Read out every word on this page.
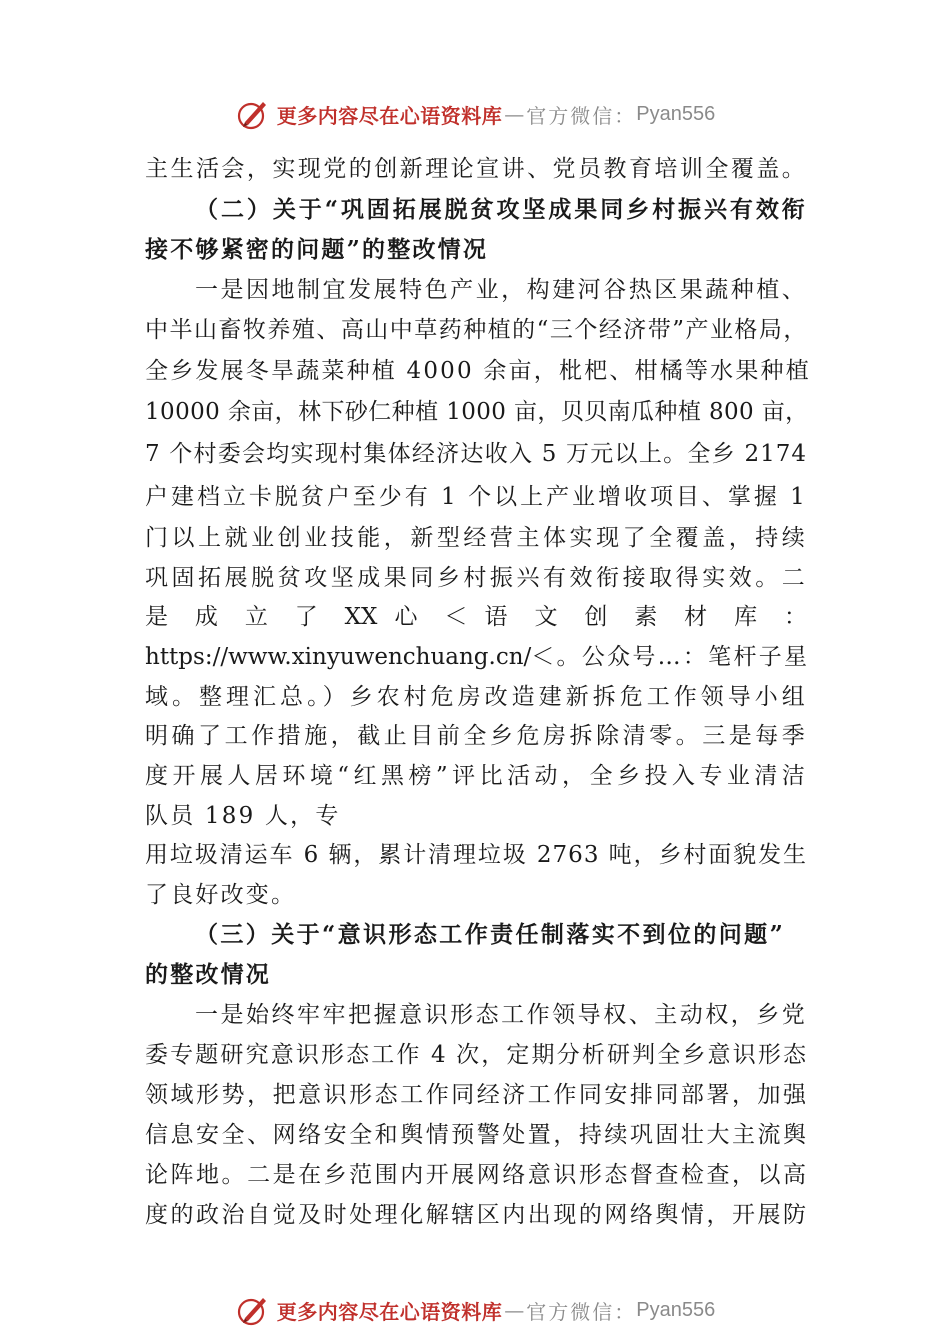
更多内容尽在心语资料库 — 官方微信： Pyan556
主生活会，实现党的创新理论宣讲、党员教育培训全覆盖。
（二）关于“巩固拓展脱贫攻坚成果同乡村振兴有效衔
接不够紧密的问题”的整改情况
一是因地制宜发展特色产业，构建河谷热区果蔬种植、
中半山畜牧养殖、高山中草药种植的“三个经济带”产业格局，
全乡发展冬旱蔬菜种植 4000 余亩，枇杷、柑橘等水果种植
10000 余亩，林下砂仁种植 1000 亩，贝贝南瓜种植 800 亩，
7 个村委会均实现村集体经济达收入 5 万元以上。全乡 2174
户建档立卡脱贫户至少有 1 个以上产业增收项目、掌握 1
门以上就业创业技能，新型经营主体实现了全覆盖，持续
巩固拓展脱贫攻坚成果同乡村振兴有效衔接取得实效。二
是 成 立 了 XX 心 ＜ 语 文 创 素 材 库 ：
https://www.xinyuwenchuang.cn/＜。公众号…：笔杆子星
域。整理汇总。）乡农村危房改造建新拆危工作领导小组
明确了工作措施，截止目前全乡危房拆除清零。三是每季
度开展人居环境“红黑榜”评比活动，全乡投入专业清洁
队员 189 人，专
用垃圾清运车 6 辆，累计清理垃圾 2763 吨，乡村面貌发生
了良好改变。
（三）关于“意识形态工作责任制落实不到位的问题”
的整改情况
一是始终牢牢把握意识形态工作领导权、主动权，乡党
委专题研究意识形态工作 4 次，定期分析研判全乡意识形态
领域形势，把意识形态工作同经济工作同安排同部署，加强
信息安全、网络安全和舆情预警处置，持续巩固壮大主流舆
论阵地。二是在乡范围内开展网络意识形态督查检查，以高
度的政治自觉及时处理化解辖区内出现的网络舆情，开展防
更多内容尽在心语资料库 — 官方微信： Pyan556
